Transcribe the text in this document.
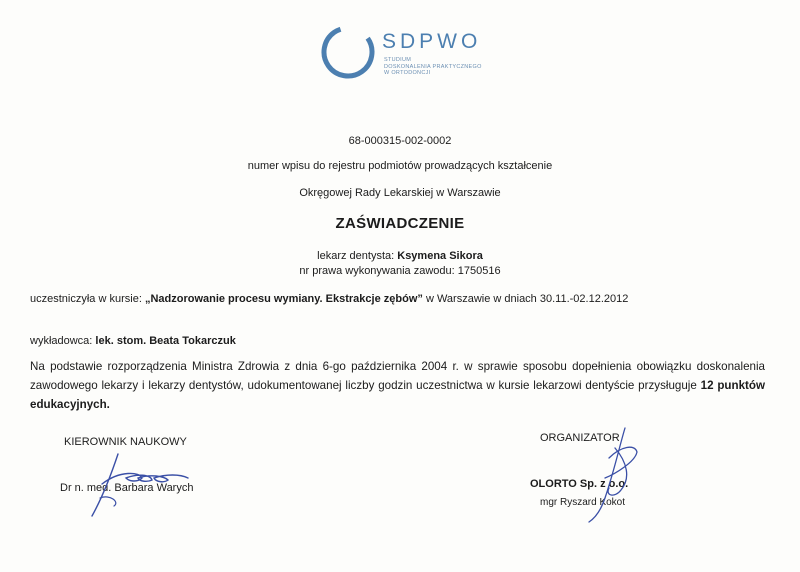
SDPWO
STUDIUM
DOSKONALENIA PRAKTYCZNEGO
W ORTODONCJI
68-000315-002-0002
numer wpisu do rejestru podmiotów prowadzących kształcenie
Okręgowej Rady Lekarskiej w Warszawie
ZAŚWIADCZENIE
lekarz dentysta: Ksymena Sikora
nr prawa wykonywania zawodu: 1750516
uczestniczyła w kursie: „Nadzorowanie procesu wymiany. Ekstrakcje zębów” w Warszawie w dniach 30.11.-02.12.2012
wykładowca: lek. stom. Beata Tokarczuk
Na podstawie rozporządzenia Ministra Zdrowia z dnia 6-go października 2004 r. w sprawie sposobu dopełnienia obowiązku doskonalenia zawodowego lekarzy i lekarzy dentystów, udokumentowanej liczby godzin uczestnictwa w kursie lekarzowi dentyście przysługuje 12 punktów edukacyjnych.
KIEROWNIK NAUKOWY
Dr n. med. Barbara Warych
ORGANIZATOR
OLORTO Sp. z o.o.
mgr Ryszard Kokot
